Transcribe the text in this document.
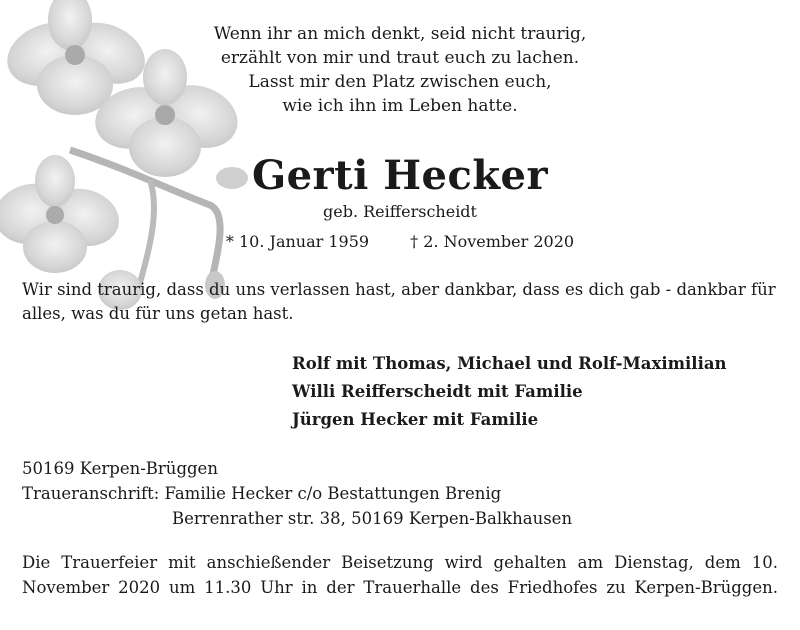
Wenn ihr an mich denkt, seid nicht traurig,
erzählt von mir und traut euch zu lachen.
Lasst mir den Platz zwischen euch,
wie ich ihn im Leben hatte.
Gerti Hecker
geb. Reifferscheidt
* 10. Januar 1959	† 2. November 2020
Wir sind traurig, dass du uns verlassen hast, aber dankbar, dass es dich gab - dankbar für alles, was du für uns getan hast.
Rolf mit Thomas, Michael und Rolf-Maximilian
Willi Reifferscheidt mit Familie
Jürgen Hecker mit Familie
50169 Kerpen-Brüggen
Traueranschrift: Familie Hecker c/o Bestattungen Brenig
Berrenrather str. 38, 50169 Kerpen-Balkhausen
Die Trauerfeier mit anschießender Beisetzung wird gehalten am Dienstag, dem 10. November 2020 um 11.30 Uhr in der Trauerhalle des Friedhofes zu Kerpen-Brüggen.
